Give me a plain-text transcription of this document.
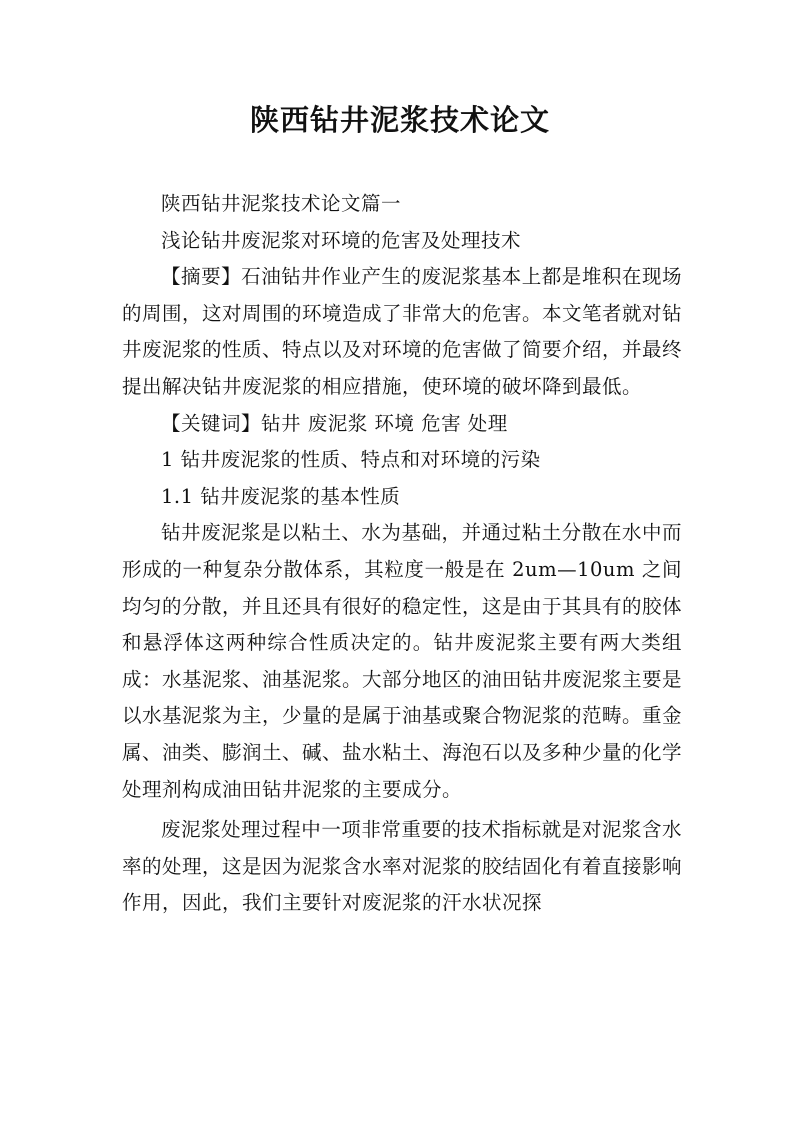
陕西钻井泥浆技术论文

陕西钻井泥浆技术论文篇一

浅论钻井废泥浆对环境的危害及处理技术

【摘要】石油钻井作业产生的废泥浆基本上都是堆积在现场的周围，这对周围的环境造成了非常大的危害。本文笔者就对钻井废泥浆的性质、特点以及对环境的危害做了简要介绍，并最终提出解决钻井废泥浆的相应措施，使环境的破坏降到最低。

【关键词】钻井 废泥浆 环境 危害 处理

1 钻井废泥浆的性质、特点和对环境的污染

1.1 钻井废泥浆的基本性质

钻井废泥浆是以粘土、水为基础，并通过粘土分散在水中而形成的一种复杂分散体系，其粒度一般是在 2um—10um 之间均匀的分散，并且还具有很好的稳定性，这是由于其具有的胶体和悬浮体这两种综合性质决定的。钻井废泥浆主要有两大类组成：水基泥浆、油基泥浆。大部分地区的油田钻井废泥浆主要是以水基泥浆为主，少量的是属于油基或聚合物泥浆的范畴。重金属、油类、膨润土、碱、盐水粘土、海泡石以及多种少量的化学处理剂构成油田钻井泥浆的主要成分。

废泥浆处理过程中一项非常重要的技术指标就是对泥浆含水率的处理，这是因为泥浆含水率对泥浆的胶结固化有着直接影响作用，因此，我们主要针对废泥浆的汗水状况探
